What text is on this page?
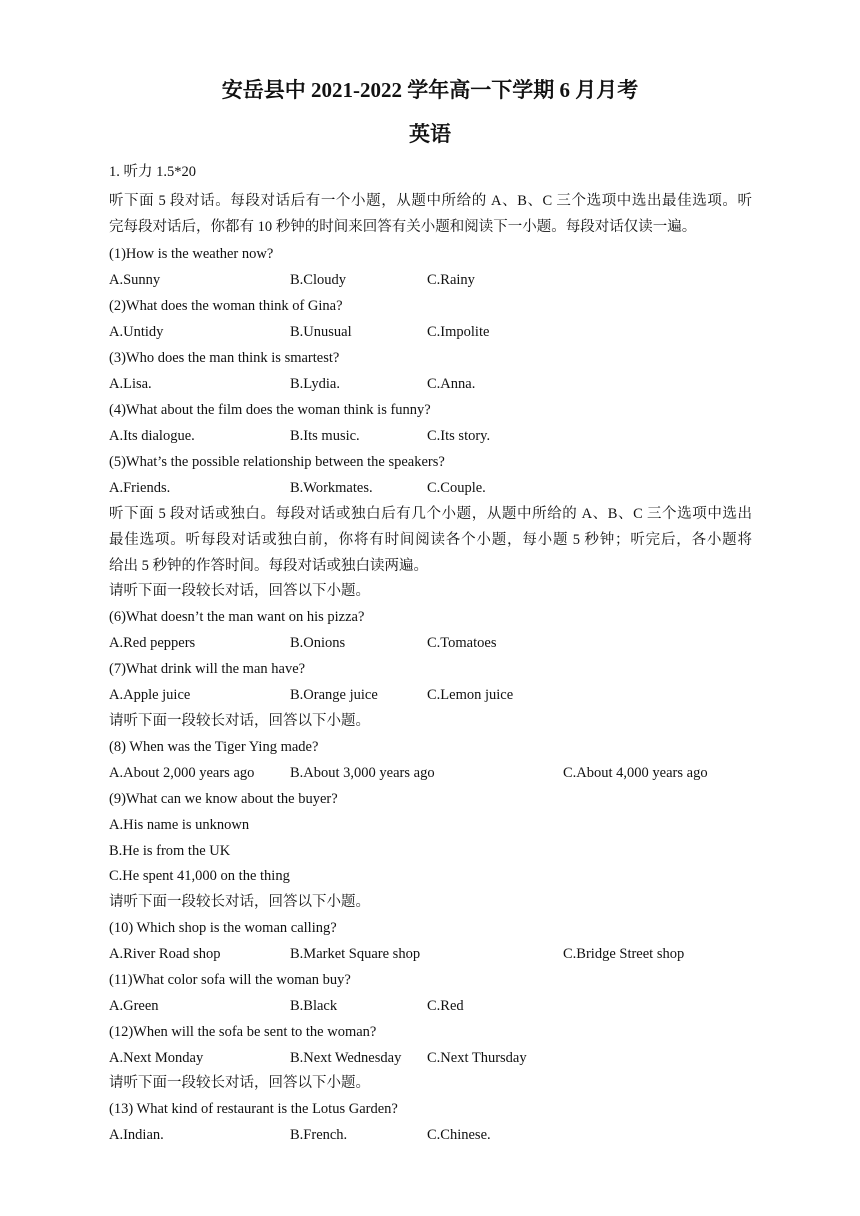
安岳县中 2021-2022 学年高一下学期 6 月月考
英语
1. 听力 1.5*20
听下面 5 段对话。每段对话后有一个小题，从题中所给的 A、B、C 三个选项中选出最佳选项。听
完每段对话后，你都有 10 秒钟的时间来回答有关小题和阅读下一小题。每段对话仅读一遍。
(1)How is the weather now?
A.Sunny	B.Cloudy	C.Rainy
(2)What does the woman think of Gina?
A.Untidy	B.Unusual	C.Impolite
(3)Who does the man think is smartest?
A.Lisa.	B.Lydia.	C.Anna.
(4)What about the film does the woman think is funny?
A.Its dialogue.	B.Its music.	C.Its story.
(5)What’s the possible relationship between the speakers?
A.Friends.	B.Workmates.	C.Couple.
听下面 5 段对话或独白。每段对话或独白后有几个小题，从题中所给的 A、B、C 三个选项中选出
最佳选项。听每段对话或独白前，你将有时间阅读各个小题，每小题 5 秒钟；听完后，各小题将
给出 5 秒钟的作答时间。每段对话或独白读两遍。
请听下面一段较长对话，回答以下小题。
(6)What doesn’t the man want on his pizza?
A.Red peppers	B.Onions	C.Tomatoes
(7)What drink will the man have?
A.Apple juice	B.Orange juice	C.Lemon juice
请听下面一段较长对话，回答以下小题。
(8) When was the Tiger Ying made?
A.About 2,000 years ago B.About 3,000 years ago	C.About 4,000 years ago
(9)What can we know about the buyer?
A.His name is unknown
B.He is from the UK
C.He spent 41,000 on the thing
请听下面一段较长对话，回答以下小题。
(10) Which shop is the woman calling?
A.River Road shop	B.Market Square shop	C.Bridge Street shop
(11)What color sofa will the woman buy?
A.Green	B.Black	C.Red
(12)When will the sofa be sent to the woman?
A.Next Monday	B.Next Wednesday C.Next Thursday
请听下面一段较长对话，回答以下小题。
(13) What kind of restaurant is the Lotus Garden?
A.Indian.	B.French.	C.Chinese.
